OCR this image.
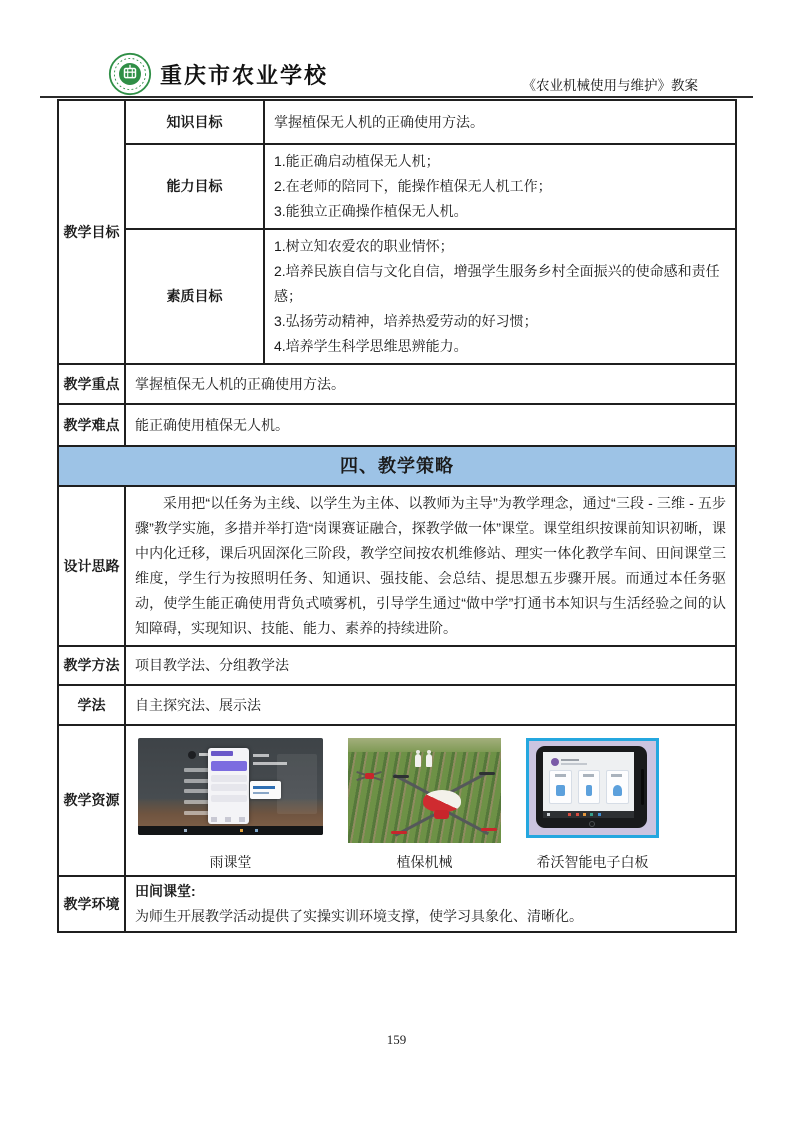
重庆市农业学校	《农业机械使用与维护》教案
教学目标	知识目标	掌握植保无人机的正确使用方法。
	能力目标	1.能正确启动植保无人机；
2.在老师的陪同下，能操作植保无人机工作；
3.能独立正确操作植保无人机。

	素质目标	1.树立知农爱农的职业情怀；
2.培养民族自信与文化自信，增强学生服务乡村全面振兴的使命感和责任感；
3.弘扬劳动精神，培养热爱劳动的好习惯；
4.培养学生科学思维思辨能力。

教学重点	掌握植保无人机的正确使用方法。	
教学难点	能正确使用植保无人机。	
四、教学策略		
设计思路	采用把“以任务为主线、以学生为主体、以教师为主导”为教学理念，通过“三段 - 三维 - 五步骤”教学实施，多措并举打造“岗课赛证融合，探教学做一体”课堂。课堂组织按课前知识初晰，课中内化迁移，课后巩固深化三阶段，教学空间按农机维修站、理实一体化教学车间、田间课堂三维度，学生行为按照明任务、知通识、强技能、会总结、提思想五步骤开展。而通过本任务驱动，使学生能正确使用背负式喷雾机，引导学生通过“做中学”打通书本知识与生活经验之间的认知障碍，实现知识、技能、能力、素养的持续进阶。	

教学方法	项目教学法、分组教学法	
学法	自主探究法、展示法	
教学资源	雨课堂 植保机械 希沃智能电子白板	

教学环境	田间课堂:
为师生开展教学活动提供了实操实训环境支撑，使学习具象化、清晰化。	
159
